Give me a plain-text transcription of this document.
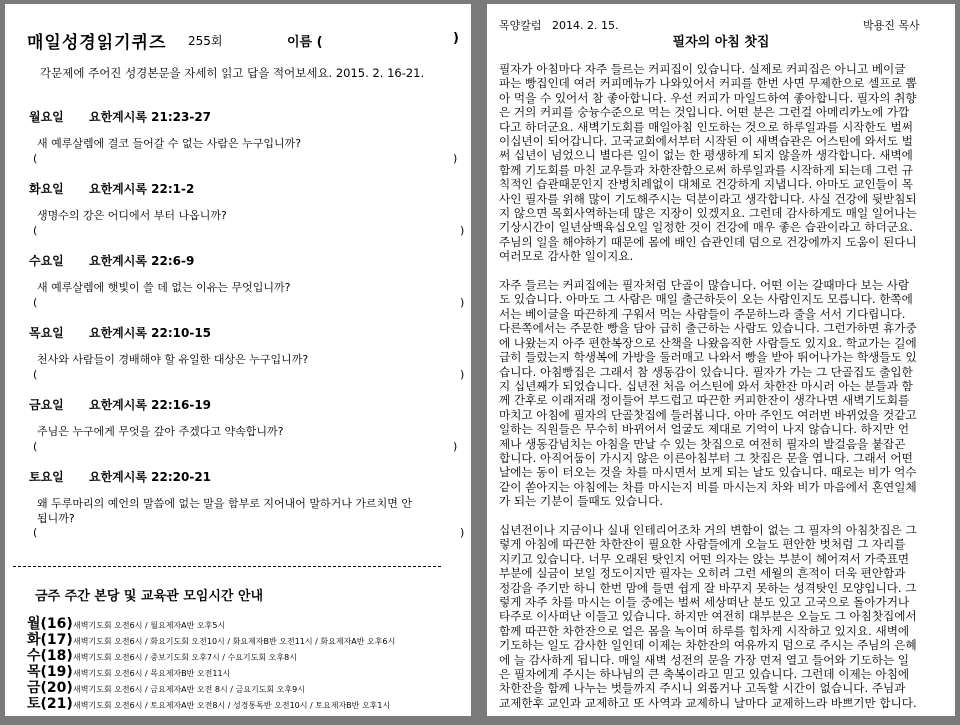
매일성경읽기퀴즈 255회	이름 (	)
각문제에 주어진 성경본문을 자세히 읽고 답을 적어보세요. 2015. 2. 16-21.
월요일 요한계시록 21:23-27
새 예루살렘에 결코 들어갈 수 없는 사람은 누구입니까?
(	)
화요일 요한계시록 22:1-2
생명수의 강은 어디에서 부터 나옵니까?
(	)
수요일 요한계시록 22:6-9
새 예루살렘에 햇빛이 쓸 데 없는 이유는 무엇입니까?
(	)
목요일 요한계시록 22:10-15
천사와 사람들이 경배해야 할 유일한 대상은 누구입니까?
(	)
금요일 요한계시록 22:16-19
주님은 누구에게 무엇을 갚아 주겠다고 약속합니까?
(	)
토요일 요한계시록 22:20-21
왜 두루마리의 예언의 말씀에 없는 말을 함부로 지어내어 말하거나 가르치면 안
됩니까?
(	)
금주 주간 본당 및 교육관 모임시간 안내
월(16)새벽기도회 오전6시 / 월요제자A반 오후5시
화(17)새벽기도회 오전6시 / 화요기도회 오전10시 / 화요제자B반 오전11시 / 화요제자A반 오후6시
수(18)새벽기도회 오전6시 / 중보기도회 오후7시 / 수요기도회 오후8시
목(19)새벽기도회 오전6시 / 목요제자B반 오전11시
금(20)새벽기도회 오전6시 / 금요제자A반 오전 8시 / 금요기도회 오후9시
토(21)새벽기도회 오전6시 / 토요제자A반 오전8시 / 성경통독반 오전10시 / 토요제자B반 오후1시
목양칼럼 2014. 2. 15.	박용진 목사
필자의 아침 찻집
필자가 아침마다 자주 들르는 커피집이 있습니다. 실제로 커피집은 아니고 베이글
파는 빵집인데 여러 커피메뉴가 나와있어서 커피를 한번 사면 무제한으로 셀프로 뽑
아 먹을 수 있어서 참 좋아합니다. 우선 커피가 마일드하여 좋아합니다. 필자의 취향
은 거의 커피를 숭늉수준으로 먹는 것입니다. 어떤 분은 그런걸 아메리카노에 가깝
다고 하더군요. 새벽기도회를 매일아침 인도하는 것으로 하루일과를 시작한도 벌써
이십년이 되어갑니다. 고국교회에서부터 시작된 이 새벽습관은 어스틴에 와서도 벌
써 십년이 넘었으니 별다른 일이 없는 한 평생하게 되지 않을까 생각합니다. 새벽에
함께 기도회를 마친 교우들과 차한잔함으로써 하루일과를 시작하게 되는데 그런 규
칙적인 습관때문인지 잔병치레없이 대체로 건강하게 지냅니다. 아마도 교인들이 목
사인 필자를 위해 많이 기도해주시는 덕분이라고 생각합니다. 사실 건강에 뒷받침되
지 않으면 목회사역하는데 많은 지장이 있겠지요. 그런데 감사하게도 매일 일어나는
기상시간이 일년삼백육십오일 일정한 것이 건강에 매우 좋은 습관이라고 하더군요.
주님의 일을 해야하기 때문에 몸에 배인 습관인데 덤으로 건강에까지 도움이 된다니
여러모로 감사한 일이지요.
자주 들르는 커피집에는 필자처럼 단골이 많습니다. 어떤 이는 갈때마다 보는 사람
도 있습니다. 아마도 그 사람은 매일 출근하듯이 오는 사람인지도 모릅니다. 한쪽에
서는 베이글을 따끈하게 구워서 먹는 사람들이 주문하느라 줄을 서서 기다립니다.
다른쪽에서는 주문한 빵을 담아 급히 출근하는 사람도 있습니다. 그런가하면 휴가중
에 나왔는지 아주 편한복장으로 산책을 나왔음직한 사람들도 있지요. 학교가는 길에
급히 들렀는지 학생복에 가방을 둘러매고 나와서 빵을 받아 뛰어나가는 학생들도 있
습니다. 아침빵집은 그래서 참 생동감이 있습니다. 필자가 가는 그 단골집도 출입한
지 십년째가 되었습니다. 십년전 처음 어스틴에 와서 차한잔 마시러 아는 분들과 함
께 간후로 이래저래 정이들어 부드럽고 따끈한 커피한잔이 생각나면 새벽기도회를
마치고 아침에 필자의 단골찻집에 들러봅니다. 아마 주인도 여러번 바뀌었을 것같고
일하는 직원들은 무수히 바뀌어서 얼굴도 제대로 기억이 나지 않습니다. 하지만 언
제나 생동감넘치는 아침을 만날 수 있는 찻집으로 여전히 필자의 발걸음을 붙잡곤
합니다. 아직어둠이 가시지 않은 이른아침부터 그 찻집은 문을 엽니다. 그래서 어떤
날에는 동이 터오는 것을 차를 마시면서 보게 되는 날도 있습니다. 때로는 비가 억수
같이 쏟아지는 아침에는 차를 마시는지 비를 마시는지 차와 비가 마음에서 혼연일체
가 되는 기분이 들때도 있습니다.
십년전이나 지금이나 실내 인테리어조차 거의 변함이 없는 그 필자의 아침찻집은 그
렇게 아침에 따끈한 차한잔이 필요한 사람들에게 오늘도 편안한 벗처럼 그 자리를
지키고 있습니다. 너무 오래된 탓인지 어떤 의자는 앉는 부분이 헤어져서 가죽표면
부분에 실금이 보일 정도이지만 필자는 오히려 그런 세월의 흔적이 더욱 편안함과
정감을 주기만 하니 한번 맘에 들면 쉽게 잘 바꾸지 못하는 성격탓인 모양입니다. 그
렇게 자주 차를 마시는 이들 중에는 벌써 세상떠난 분도 있고 고국으로 돌아가거나
타주로 이사떠난 이들고 있습니다. 하지만 여전히 대부분은 오늘도 그 아침찻집에서
함께 따끈한 차한잔으로 얼은 몸을 녹이며 하루를 힘차게 시작하고 있지요. 새벽에
기도하는 일도 감사한 일인데 이제는 차한잔의 여유까지 덤으로 주시는 주님의 은혜
에 늘 감사하게 됩니다. 매일 새벽 성전의 문을 가장 먼저 열고 들어와 기도하는 일
은 필자에게 주시는 하나님의 큰 축복이라고 믿고 있습니다. 그런데 이제는 아침에
차한잔을 함께 나누는 벗들까지 주시니 외롭거나 고독할 시간이 없습니다. 주님과
교제한후 교인과 교제하고 또 사역과 교제하니 날마다 교제하느라 바쁘기만 합니다.
